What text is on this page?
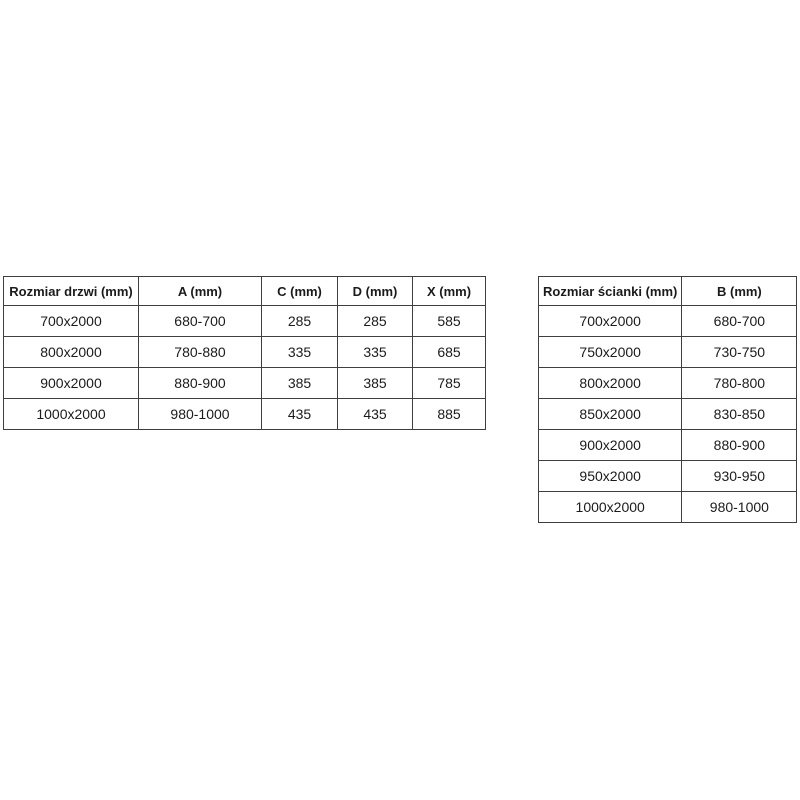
Rozmiar drzwi (mm)	A (mm)	C (mm)	D (mm)	X (mm)
700x2000	680-700	285	285	585
800x2000	780-880	335	335	685
900x2000	880-900	385	385	785
1000x2000	980-1000	435	435	885
Rozmiar ścianki (mm)	B (mm)
700x2000	680-700
750x2000	730-750
800x2000	780-800
850x2000	830-850
900x2000	880-900
950x2000	930-950
1000x2000	980-1000
